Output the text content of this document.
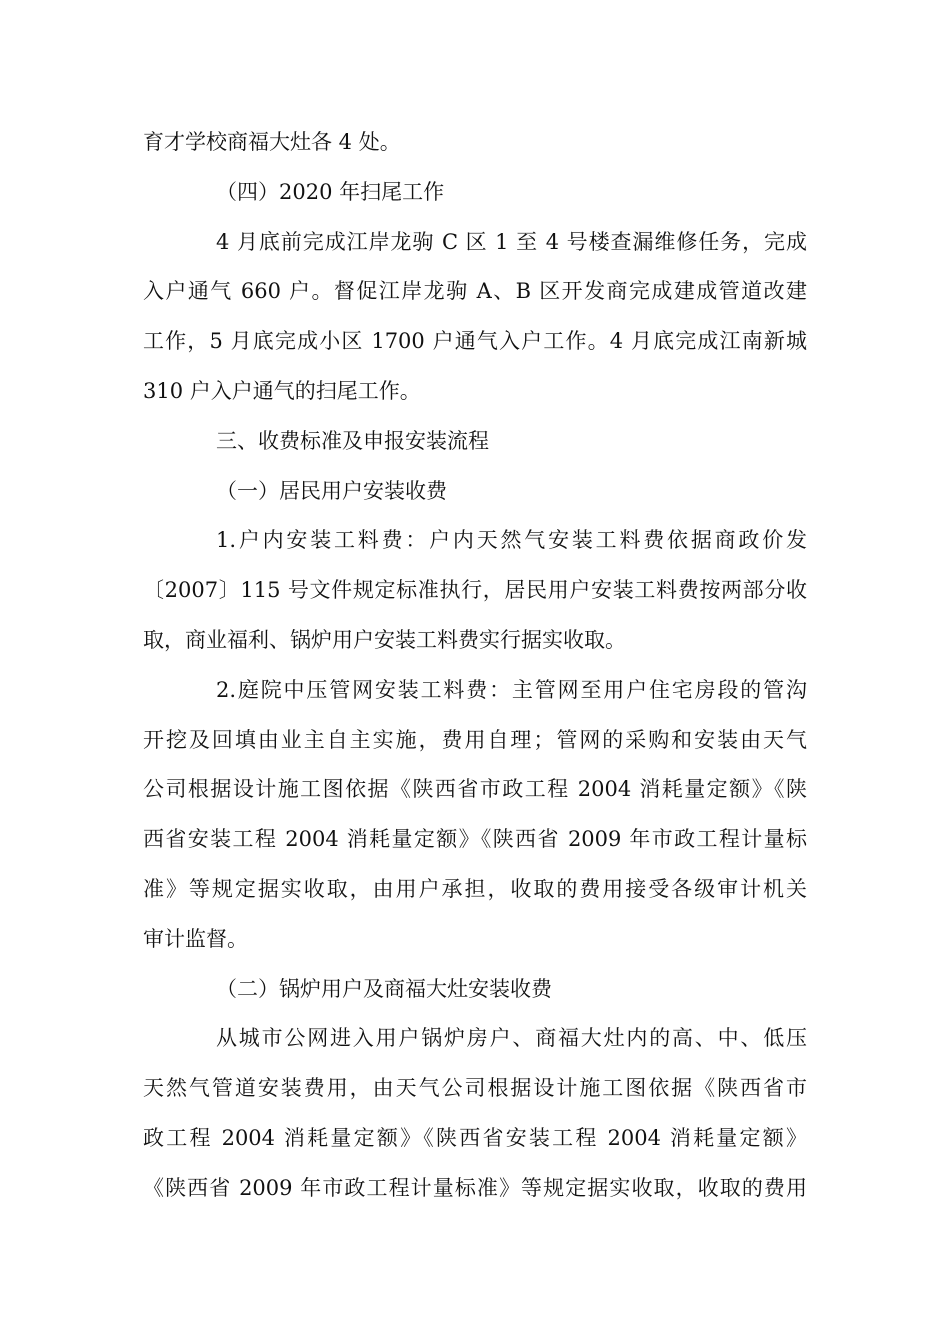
育才学校商福大灶各 4 处。
（四）2020 年扫尾工作
4 月底前完成江岸龙驹 C 区 1 至 4 号楼查漏维修任务，完成
入户通气 660 户。督促江岸龙驹 A、B 区开发商完成建成管道改建
工作，5 月底完成小区 1700 户通气入户工作。4 月底完成江南新城
310 户入户通气的扫尾工作。
三、收费标准及申报安装流程
（一）居民用户安装收费
1.户内安装工料费：户内天然气安装工料费依据商政价发
〔2007〕115 号文件规定标准执行，居民用户安装工料费按两部分收
取，商业福利、锅炉用户安装工料费实行据实收取。
2.庭院中压管网安装工料费：主管网至用户住宅房段的管沟
开挖及回填由业主自主实施，费用自理；管网的采购和安装由天气
公司根据设计施工图依据《陕西省市政工程 2004 消耗量定额》《陕
西省安装工程 2004 消耗量定额》《陕西省 2009 年市政工程计量标
准》等规定据实收取，由用户承担，收取的费用接受各级审计机关
审计监督。
（二）锅炉用户及商福大灶安装收费
从城市公网进入用户锅炉房户、商福大灶内的高、中、低压
天然气管道安装费用，由天气公司根据设计施工图依据《陕西省市
政工程 2004 消耗量定额》《陕西省安装工程 2004 消耗量定额》
《陕西省 2009 年市政工程计量标准》等规定据实收取，收取的费用
